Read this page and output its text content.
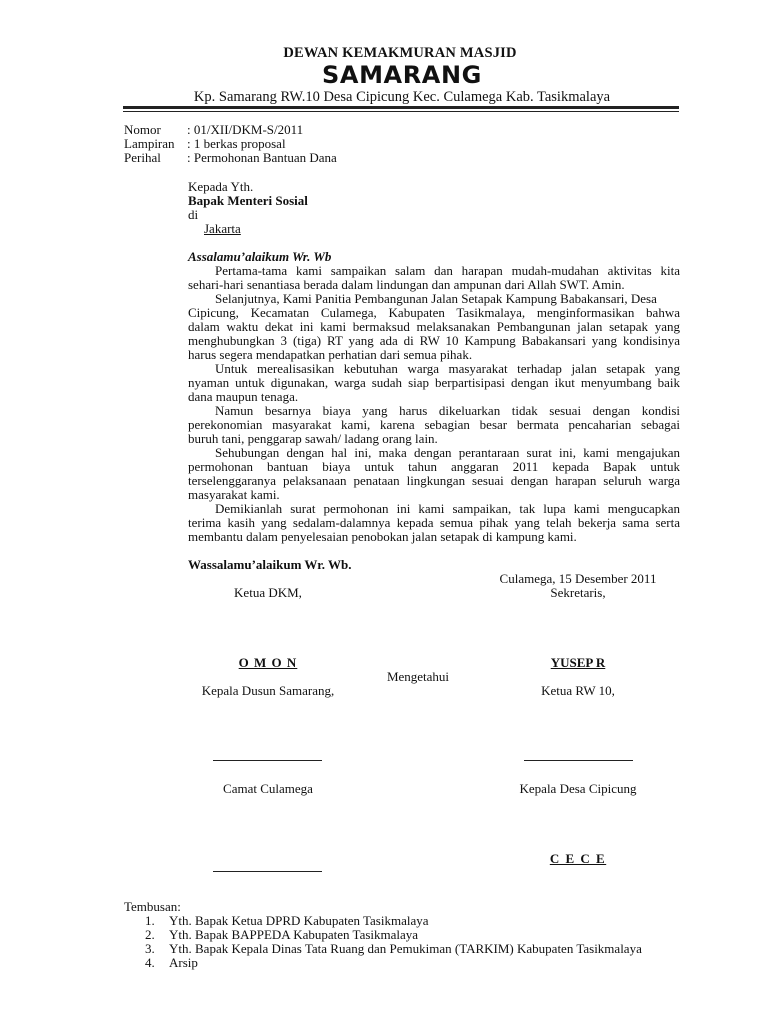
DEWAN KEMAKMURAN MASJID
SAMARANG
Kp. Samarang RW.10 Desa Cipicung Kec. Culamega Kab. Tasikmalaya
Nomor : 01/XII/DKM-S/2011
Lampiran : 1 berkas proposal
Perihal : Permohonan Bantuan Dana
Kepada Yth.
Bapak Menteri Sosial
di
Jakarta
Assalamu’alaikum Wr. Wb
Pertama-tama kami sampaikan salam dan harapan mudah-mudahan aktivitas kita
sehari-hari senantiasa berada dalam lindungan dan ampunan dari Allah SWT. Amin.
Selanjutnya, Kami Panitia Pembangunan Jalan Setapak Kampung Babakansari, Desa
Cipicung, Kecamatan Culamega, Kabupaten Tasikmalaya, menginformasikan bahwa
dalam waktu dekat ini kami bermaksud melaksanakan Pembangunan jalan setapak yang
menghubungkan 3 (tiga) RT yang ada di RW 10 Kampung Babakansari yang kondisinya
harus segera mendapatkan perhatian dari semua pihak.
Untuk merealisasikan kebutuhan warga masyarakat terhadap jalan setapak yang
nyaman untuk digunakan, warga sudah siap berpartisipasi dengan ikut menyumbang baik
dana maupun tenaga.
Namun besarnya biaya yang harus dikeluarkan tidak sesuai dengan kondisi
perekonomian masyarakat kami, karena sebagian besar bermata pencaharian sebagai
buruh tani, penggarap sawah/ ladang orang lain.
Sehubungan dengan hal ini, maka dengan perantaraan surat ini, kami mengajukan
permohonan bantuan biaya untuk tahun anggaran 2011 kepada Bapak untuk
terselenggaranya pelaksanaan penataan lingkungan sesuai dengan harapan seluruh warga
masyarakat kami.
Demikianlah surat permohonan ini kami sampaikan, tak lupa kami mengucapkan
terima kasih yang sedalam-dalamnya kepada semua pihak yang telah bekerja sama serta
membantu dalam penyelesaian penobokan jalan setapak di kampung kami.
Wassalamu’alaikum Wr. Wb.
Culamega, 15 Desember 2011
Ketua DKM,	Sekretaris,
O M O N	YUSEP R
Mengetahui
Kepala Dusun Samarang,	Ketua RW 10,
Camat Culamega	Kepala Desa Cipicung
C E C E
Tembusan:
1. Yth. Bapak Ketua DPRD Kabupaten Tasikmalaya
2. Yth. Bapak BAPPEDA Kabupaten Tasikmalaya
3. Yth. Bapak Kepala Dinas Tata Ruang dan Pemukiman (TARKIM) Kabupaten Tasikmalaya
4. Arsip
